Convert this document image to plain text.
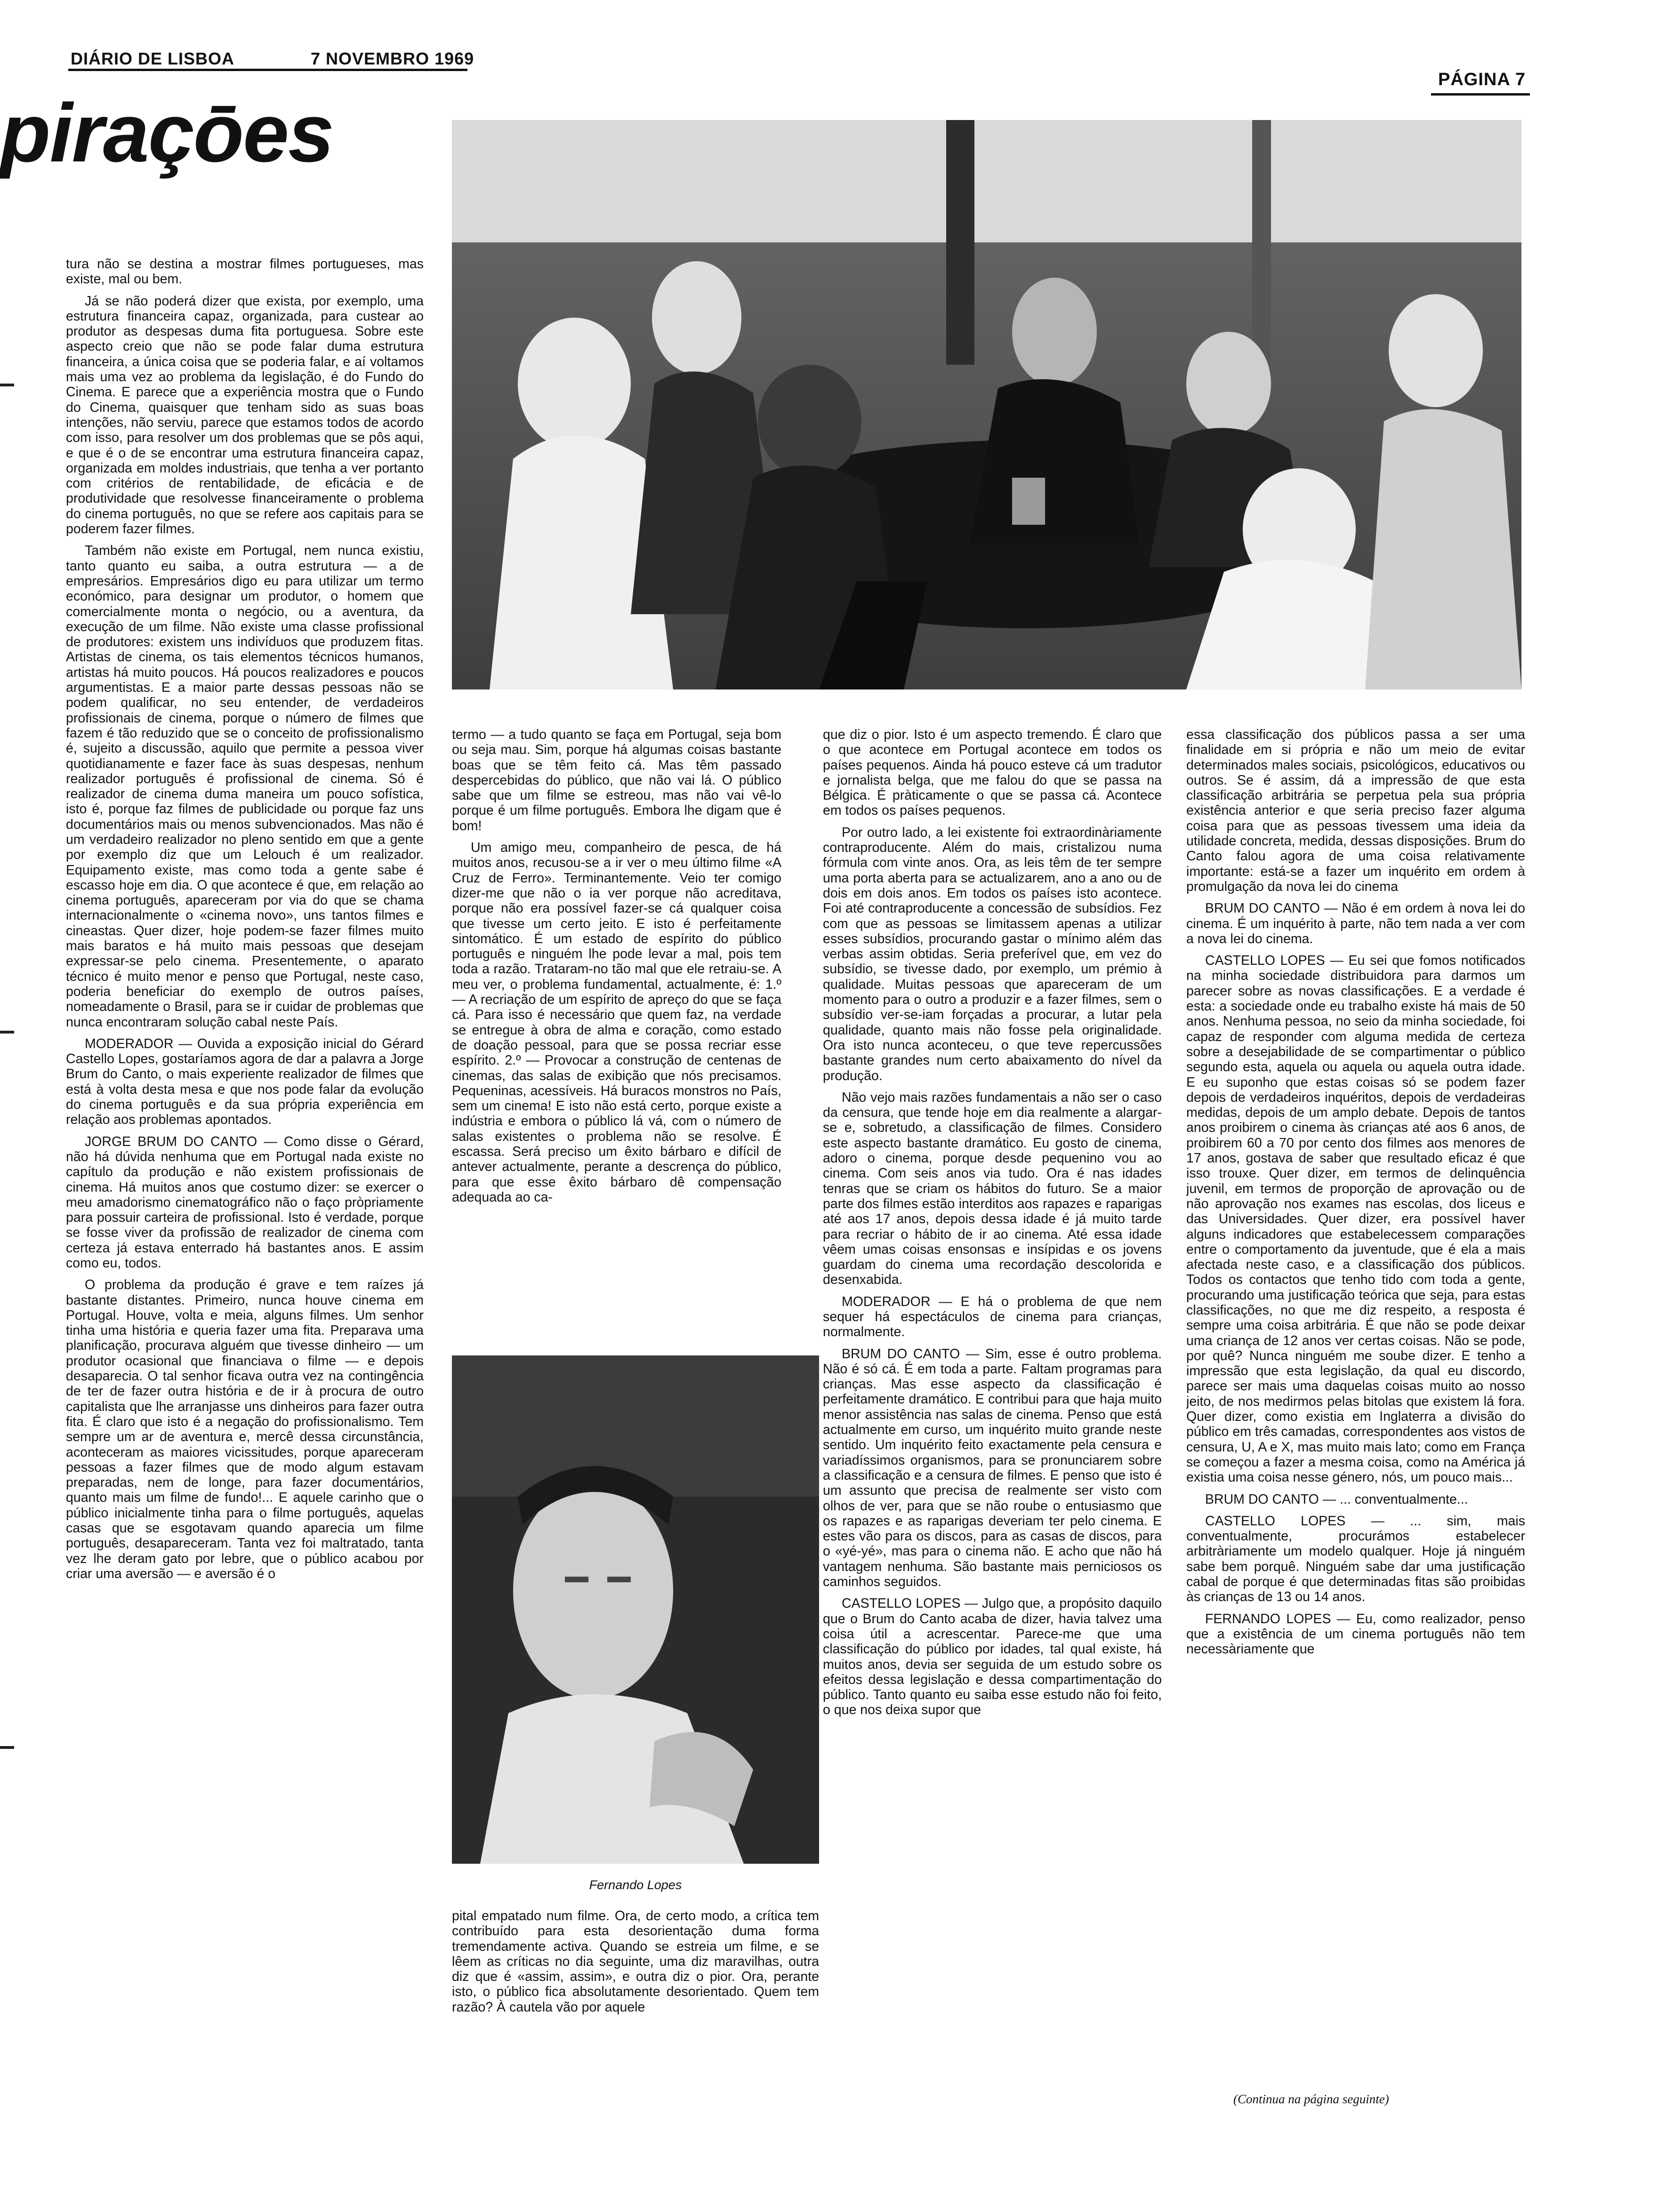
DIÁRIO DE LISBOA	7 NOVEMBRO 1969
PÁGINA 7
piraçōes
Fernando Lopes

tura não se destina a mostrar filmes portugueses, mas existe, mal ou bem.

Já se não poderá dizer que exista, por exemplo, uma estrutura financeira capaz, organizada, para custear ao produtor as despesas duma fita portuguesa. Sobre este aspecto creio que não se pode falar duma estrutura financeira, a única coisa que se poderia falar, e aí voltamos mais uma vez ao problema da legislação, é do Fundo do Cinema. E parece que a experiência mostra que o Fundo do Cinema, quaisquer que tenham sido as suas boas intenções, não serviu, parece que estamos todos de acordo com isso, para resolver um dos problemas que se pôs aqui, e que é o de se encontrar uma estrutura financeira capaz, organizada em moldes industriais, que tenha a ver portanto com critérios de rentabilidade, de eficácia e de produtividade que resolvesse financeiramente o problema do cinema português, no que se refere aos capitais para se poderem fazer filmes.

Também não existe em Portugal, nem nunca existiu, tanto quanto eu saiba, a outra estrutura — a de empresários. Empresários digo eu para utilizar um termo económico, para designar um produtor, o homem que comercialmente monta o negócio, ou a aventura, da execução de um filme. Não existe uma classe profissional de produtores: existem uns indivíduos que produzem fitas. Artistas de cinema, os tais elementos técnicos humanos, artistas há muito poucos. Há poucos realizadores e poucos argumentistas. E a maior parte dessas pessoas não se podem qualificar, no seu entender, de verdadeiros profissionais de cinema, porque o número de filmes que fazem é tão reduzido que se o conceito de profissionalismo é, sujeito a discussão, aquilo que permite a pessoa viver quotidianamente e fazer face às suas despesas, nenhum realizador português é profissional de cinema. Só é realizador de cinema duma maneira um pouco sofística, isto é, porque faz filmes de publicidade ou porque faz uns documentários mais ou menos subvencionados. Mas não é um verdadeiro realizador no pleno sentido em que a gente por exemplo diz que um Lelouch é um realizador. Equipamento existe, mas como toda a gente sabe é escasso hoje em dia. O que acontece é que, em relação ao cinema português, apareceram por via do que se chama internacionalmente o «cinema novo», uns tantos filmes e cineastas. Quer dizer, hoje podem-se fazer filmes muito mais baratos e há muito mais pessoas que desejam expressar-se pelo cinema. Presentemente, o aparato técnico é muito menor e penso que Portugal, neste caso, poderia beneficiar do exemplo de outros países, nomeadamente o Brasil, para se ir cuidar de problemas que nunca encontraram solução cabal neste País.

MODERADOR — Ouvida a exposição inicial do Gérard Castello Lopes, gostaríamos agora de dar a palavra a Jorge Brum do Canto, o mais experiente realizador de filmes que está à volta desta mesa e que nos pode falar da evolução do cinema português e da sua própria experiência em relação aos problemas apontados.

JORGE BRUM DO CANTO — Como disse o Gérard, não há dúvida nenhuma que em Portugal nada existe no capítulo da produção e não existem profissionais de cinema. Há muitos anos que costumo dizer: se exercer o meu amadorismo cinematográfico não o faço pròpriamente para possuir carteira de profissional. Isto é verdade, porque se fosse viver da profissão de realizador de cinema com certeza já estava enterrado há bastantes anos. E assim como eu, todos.

O problema da produção é grave e tem raízes já bastante distantes. Primeiro, nunca houve cinema em Portugal. Houve, volta e meia, alguns filmes. Um senhor tinha uma história e queria fazer uma fita. Preparava uma planificação, procurava alguém que tivesse dinheiro — um produtor ocasional que financiava o filme — e depois desaparecia. O tal senhor ficava outra vez na contingência de ter de fazer outra história e de ir à procura de outro capitalista que lhe arranjasse uns dinheiros para fazer outra fita. É claro que isto é a negação do profissionalismo. Tem sempre um ar de aventura e, mercê dessa circunstância, aconteceram as maiores vicissitudes, porque apareceram pessoas a fazer filmes que de modo algum estavam preparadas, nem de longe, para fazer documentários, quanto mais um filme de fundo!... E aquele carinho que o público inicialmente tinha para o filme português, aquelas casas que se esgotavam quando aparecia um filme português, desapareceram. Tanta vez foi maltratado, tanta vez lhe deram gato por lebre, que o público acabou por criar uma aversão — e aversão é o

termo — a tudo quanto se faça em Portugal, seja bom ou seja mau. Sim, porque há algumas coisas bastante boas que se têm feito cá. Mas têm passado despercebidas do público, que não vai lá. O público sabe que um filme se estreou, mas não vai vê-lo porque é um filme português. Embora lhe digam que é bom!

Um amigo meu, companheiro de pesca, de há muitos anos, recusou-se a ir ver o meu último filme «A Cruz de Ferro». Terminantemente. Veio ter comigo dizer-me que não o ia ver porque não acreditava, porque não era possível fazer-se cá qualquer coisa que tivesse um certo jeito. E isto é perfeitamente sintomático. É um estado de espírito do público português e ninguém lhe pode levar a mal, pois tem toda a razão. Trataram-no tão mal que ele retraiu-se. A meu ver, o problema fundamental, actualmente, é: 1.º — A recriação de um espírito de apreço do que se faça cá. Para isso é necessário que quem faz, na verdade se entregue à obra de alma e coração, como estado de doação pessoal, para que se possa recriar esse espírito. 2.º — Provocar a construção de centenas de cinemas, das salas de exibição que nós precisamos. Pequeninas, acessíveis. Há buracos monstros no País, sem um cinema! E isto não está certo, porque existe a indústria e embora o público lá vá, com o número de salas existentes o problema não se resolve. É escassa. Será preciso um êxito bárbaro e difícil de antever actualmente, perante a descrença do público, para que esse êxito bárbaro dê compensação adequada ao ca-

pital empatado num filme. Ora, de certo modo, a crítica tem contribuído para esta desorientação duma forma tremendamente activa. Quando se estreia um filme, e se lêem as críticas no dia seguinte, uma diz maravilhas, outra diz que é «assim, assim», e outra diz o pior. Ora, perante isto, o público fica absolutamente desorientado. Quem tem razão? À cautela vão por aquele

que diz o pior. Isto é um aspecto tremendo. É claro que o que acontece em Portugal acontece em todos os países pequenos. Ainda há pouco esteve cá um tradutor e jornalista belga, que me falou do que se passa na Bélgica. É pràticamente o que se passa cá. Acontece em todos os países pequenos.

Por outro lado, a lei existente foi extraordinàriamente contraproducente. Além do mais, cristalizou numa fórmula com vinte anos. Ora, as leis têm de ter sempre uma porta aberta para se actualizarem, ano a ano ou de dois em dois anos. Em todos os países isto acontece. Foi até contraproducente a concessão de subsídios. Fez com que as pessoas se limitassem apenas a utilizar esses subsídios, procurando gastar o mínimo além das verbas assim obtidas. Seria preferível que, em vez do subsídio, se tivesse dado, por exemplo, um prémio à qualidade. Muitas pessoas que apareceram de um momento para o outro a produzir e a fazer filmes, sem o subsídio ver-se-iam forçadas a procurar, a lutar pela qualidade, quanto mais não fosse pela originalidade. Ora isto nunca aconteceu, o que teve repercussões bastante grandes num certo abaixamento do nível da produção.

Não vejo mais razões fundamentais a não ser o caso da censura, que tende hoje em dia realmente a alargar-se e, sobretudo, a classificação de filmes. Considero este aspecto bastante dramático. Eu gosto de cinema, adoro o cinema, porque desde pequenino vou ao cinema. Com seis anos via tudo. Ora é nas idades tenras que se criam os hábitos do futuro. Se a maior parte dos filmes estão interditos aos rapazes e raparigas até aos 17 anos, depois dessa idade é já muito tarde para recriar o hábito de ir ao cinema. Até essa idade vêem umas coisas ensonsas e insípidas e os jovens guardam do cinema uma recordação descolorida e desenxabida.

MODERADOR — E há o problema de que nem sequer há espectáculos de cinema para crianças, normalmente.

BRUM DO CANTO — Sim, esse é outro problema. Não é só cá. É em toda a parte. Faltam programas para crianças. Mas esse aspecto da classificação é perfeitamente dramático. E contribui para que haja muito menor assistência nas salas de cinema. Penso que está actualmente em curso, um inquérito muito grande neste sentido. Um inquérito feito exactamente pela censura e variadíssimos organismos, para se pronunciarem sobre a classificação e a censura de filmes. E penso que isto é um assunto que precisa de realmente ser visto com olhos de ver, para que se não roube o entusiasmo que os rapazes e as raparigas deveriam ter pelo cinema. E estes vão para os discos, para as casas de discos, para o «yé-yé», mas para o cinema não. E acho que não há vantagem nenhuma. São bastante mais perniciosos os caminhos seguidos.

CASTELLO LOPES — Julgo que, a propósito daquilo que o Brum do Canto acaba de dizer, havia talvez uma coisa útil a acrescentar. Parece-me que uma classificação do público por idades, tal qual existe, há muitos anos, devia ser seguida de um estudo sobre os efeitos dessa legislação e dessa compartimentação do público. Tanto quanto eu saiba esse estudo não foi feito, o que nos deixa supor que

essa classificação dos públicos passa a ser uma finalidade em si própria e não um meio de evitar determinados males sociais, psicológicos, educativos ou outros. Se é assim, dá a impressão de que esta classificação arbitrária se perpetua pela sua própria existência anterior e que seria preciso fazer alguma coisa para que as pessoas tivessem uma ideia da utilidade concreta, medida, dessas disposições. Brum do Canto falou agora de uma coisa relativamente importante: está-se a fazer um inquérito em ordem à promulgação da nova lei do cinema

BRUM DO CANTO — Não é em ordem à nova lei do cinema. É um inquérito à parte, não tem nada a ver com a nova lei do cinema.

CASTELLO LOPES — Eu sei que fomos notificados na minha sociedade distribuidora para darmos um parecer sobre as novas classificações. E a verdade é esta: a sociedade onde eu trabalho existe há mais de 50 anos. Nenhuma pessoa, no seio da minha sociedade, foi capaz de responder com alguma medida de certeza sobre a desejabilidade de se compartimentar o público segundo esta, aquela ou aquela ou aquela outra idade. E eu suponho que estas coisas só se podem fazer depois de verdadeiros inquéritos, depois de verdadeiras medidas, depois de um amplo debate. Depois de tantos anos proibirem o cinema às crianças até aos 6 anos, de proibirem 60 a 70 por cento dos filmes aos menores de 17 anos, gostava de saber que resultado eficaz é que isso trouxe. Quer dizer, em termos de delinquência juvenil, em termos de proporção de aprovação ou de não aprovação nos exames nas escolas, dos liceus e das Universidades. Quer dizer, era possível haver alguns indicadores que estabelecessem comparações entre o comportamento da juventude, que é ela a mais afectada neste caso, e a classificação dos públicos. Todos os contactos que tenho tido com toda a gente, procurando uma justificação teórica que seja, para estas classificações, no que me diz respeito, a resposta é sempre uma coisa arbitrária. É que não se pode deixar uma criança de 12 anos ver certas coisas. Não se pode, por quê? Nunca ninguém me soube dizer. E tenho a impressão que esta legislação, da qual eu discordo, parece ser mais uma daquelas coisas muito ao nosso jeito, de nos medirmos pelas bitolas que existem lá fora. Quer dizer, como existia em Inglaterra a divisão do público em três camadas, correspondentes aos vistos de censura, U, A e X, mas muito mais lato; como em França se começou a fazer a mesma coisa, como na América já existia uma coisa nesse género, nós, um pouco mais...

BRUM DO CANTO — ... conventualmente...

CASTELLO LOPES — ... sim, mais conventualmente, procurámos estabelecer arbitràriamente um modelo qualquer. Hoje já ninguém sabe bem porquê. Ninguém sabe dar uma justificação cabal de porque é que determinadas fitas são proibidas às crianças de 13 ou 14 anos.

FERNANDO LOPES — Eu, como realizador, penso que a existência de um cinema português não tem necessàriamente que

(Continua na página seguinte)
